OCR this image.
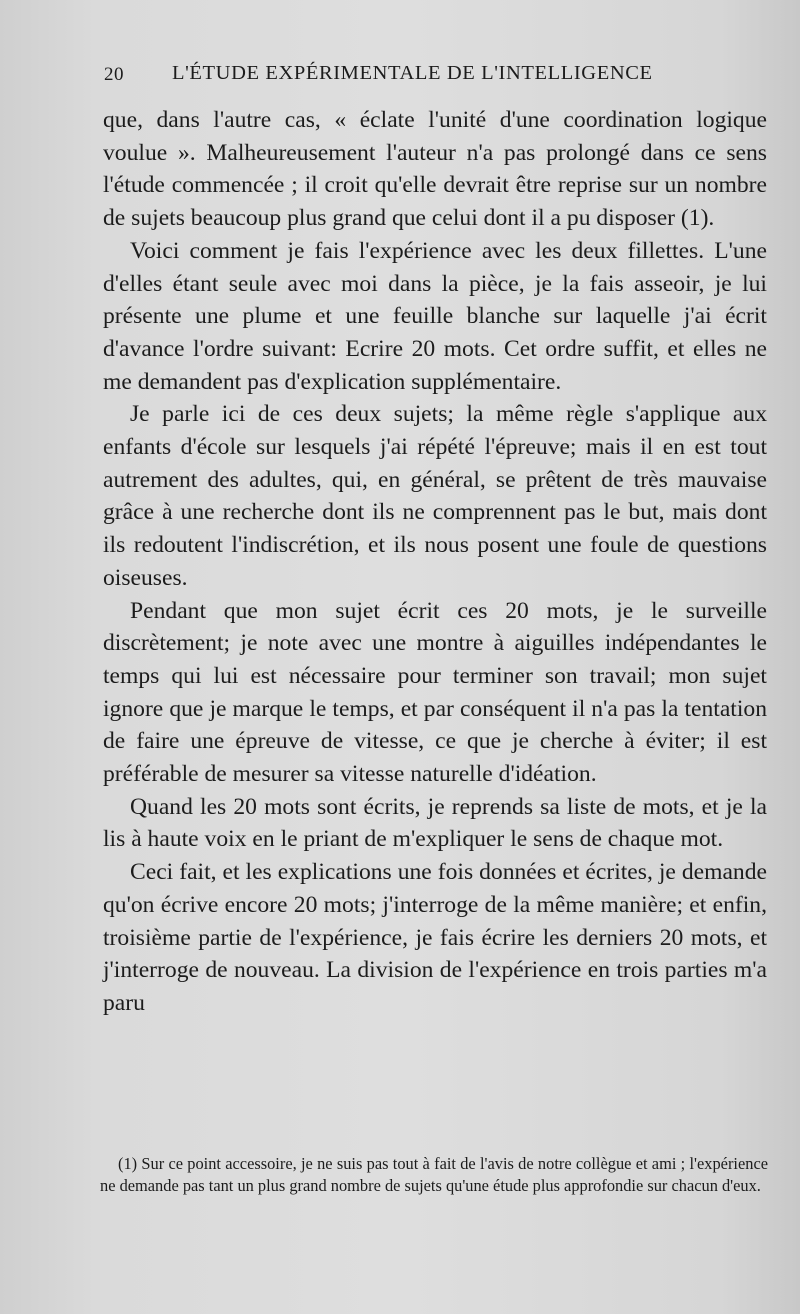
20 L'ÉTUDE EXPÉRIMENTALE DE L'INTELLIGENCE

que, dans l'autre cas, « éclate l'unité d'une coordination logique voulue ». Malheureusement l'auteur n'a pas prolongé dans ce sens l'étude commencée ; il croit qu'elle devrait être reprise sur un nombre de sujets beaucoup plus grand que celui dont il a pu disposer (1).

Voici comment je fais l'expérience avec les deux fillettes. L'une d'elles étant seule avec moi dans la pièce, je la fais asseoir, je lui présente une plume et une feuille blanche sur laquelle j'ai écrit d'avance l'ordre suivant: Ecrire 20 mots. Cet ordre suffit, et elles ne me demandent pas d'explication supplémentaire.

Je parle ici de ces deux sujets; la même règle s'applique aux enfants d'école sur lesquels j'ai répété l'épreuve; mais il en est tout autrement des adultes, qui, en général, se prêtent de très mauvaise grâce à une recherche dont ils ne comprennent pas le but, mais dont ils redoutent l'indiscrétion, et ils nous posent une foule de questions oiseuses.

Pendant que mon sujet écrit ces 20 mots, je le surveille discrètement; je note avec une montre à aiguilles indépendantes le temps qui lui est nécessaire pour terminer son travail; mon sujet ignore que je marque le temps, et par conséquent il n'a pas la tentation de faire une épreuve de vitesse, ce que je cherche à éviter; il est préférable de mesurer sa vitesse naturelle d'idéation.

Quand les 20 mots sont écrits, je reprends sa liste de mots, et je la lis à haute voix en le priant de m'expliquer le sens de chaque mot.

Ceci fait, et les explications une fois données et écrites, je demande qu'on écrive encore 20 mots; j'interroge de la même manière; et enfin, troisième partie de l'expérience, je fais écrire les derniers 20 mots, et j'interroge de nouveau. La division de l'expérience en trois parties m'a paru

(1) Sur ce point accessoire, je ne suis pas tout à fait de l'avis de notre collègue et ami ; l'expérience ne demande pas tant un plus grand nombre de sujets qu'une étude plus approfondie sur chacun d'eux.
